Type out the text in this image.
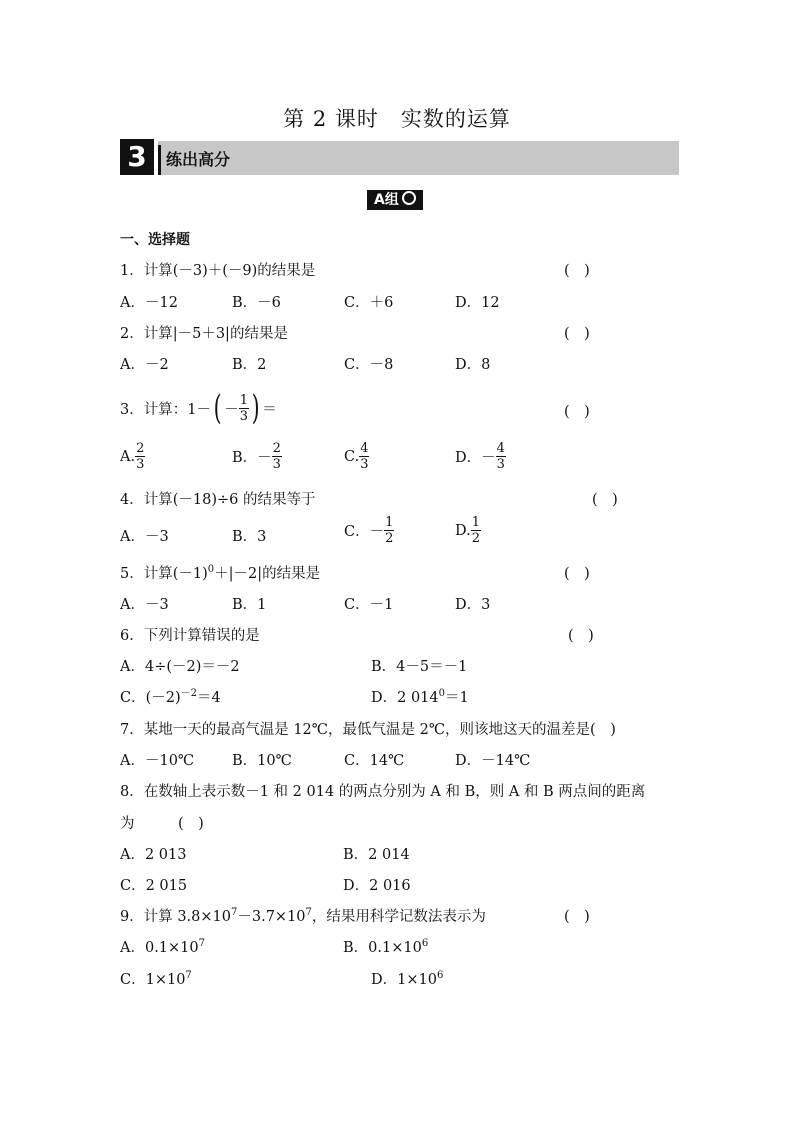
第 2 课时　实数的运算
3	练出高分
A组
一、选择题
1．计算(－3)＋(－9)的结果是	(　)
A．－12	B．－6	C．＋6	D．12
2．计算|－5＋3|的结果是	(　)
A．－2	B．2	C．－8	D．8
3．计算：1－ ( － $\frac{1}{3}$ ) ＝	(　)
A. $\frac{2}{3}$	B． － $\frac{2}{3}$	C. $\frac{4}{3}$	D． － $\frac{4}{3}$
4．计算(－18)÷6 的结果等于	(　)
A．－3	B．3	C． － $\frac{1}{2}$	D. $\frac{1}{2}$
5．计算$(-1)^0+|-2|$的结果是	(　)
A．－3	B．1	C．－1	D．3
6．下列计算错误的是	(　)
A．4÷(－2)＝－2	B．4－5＝－1
C．$(-2)^{-2}=4$	D．2 $014^0=1$
7．某地一天的最高气温是 12℃，最低气温是 2℃，则该地这天的温差是(　)
A．－10℃	B．10℃	C．14℃	D．－14℃
8．在数轴上表示数－1 和 2 014 的两点分别为 A 和 B，则 A 和 B 两点间的距离
为　　　(　)
A．2 013	B．2 014
C．2 015	D．2 016
9．计算 $3.8\times 10^7-3.7\times 10^7$，结果用科学记数法表示为	(　)
A．$0.1\times 10^7$	B．$0.1\times 10^6$
C．$1\times 10^7$	D．$1\times 10^6$
